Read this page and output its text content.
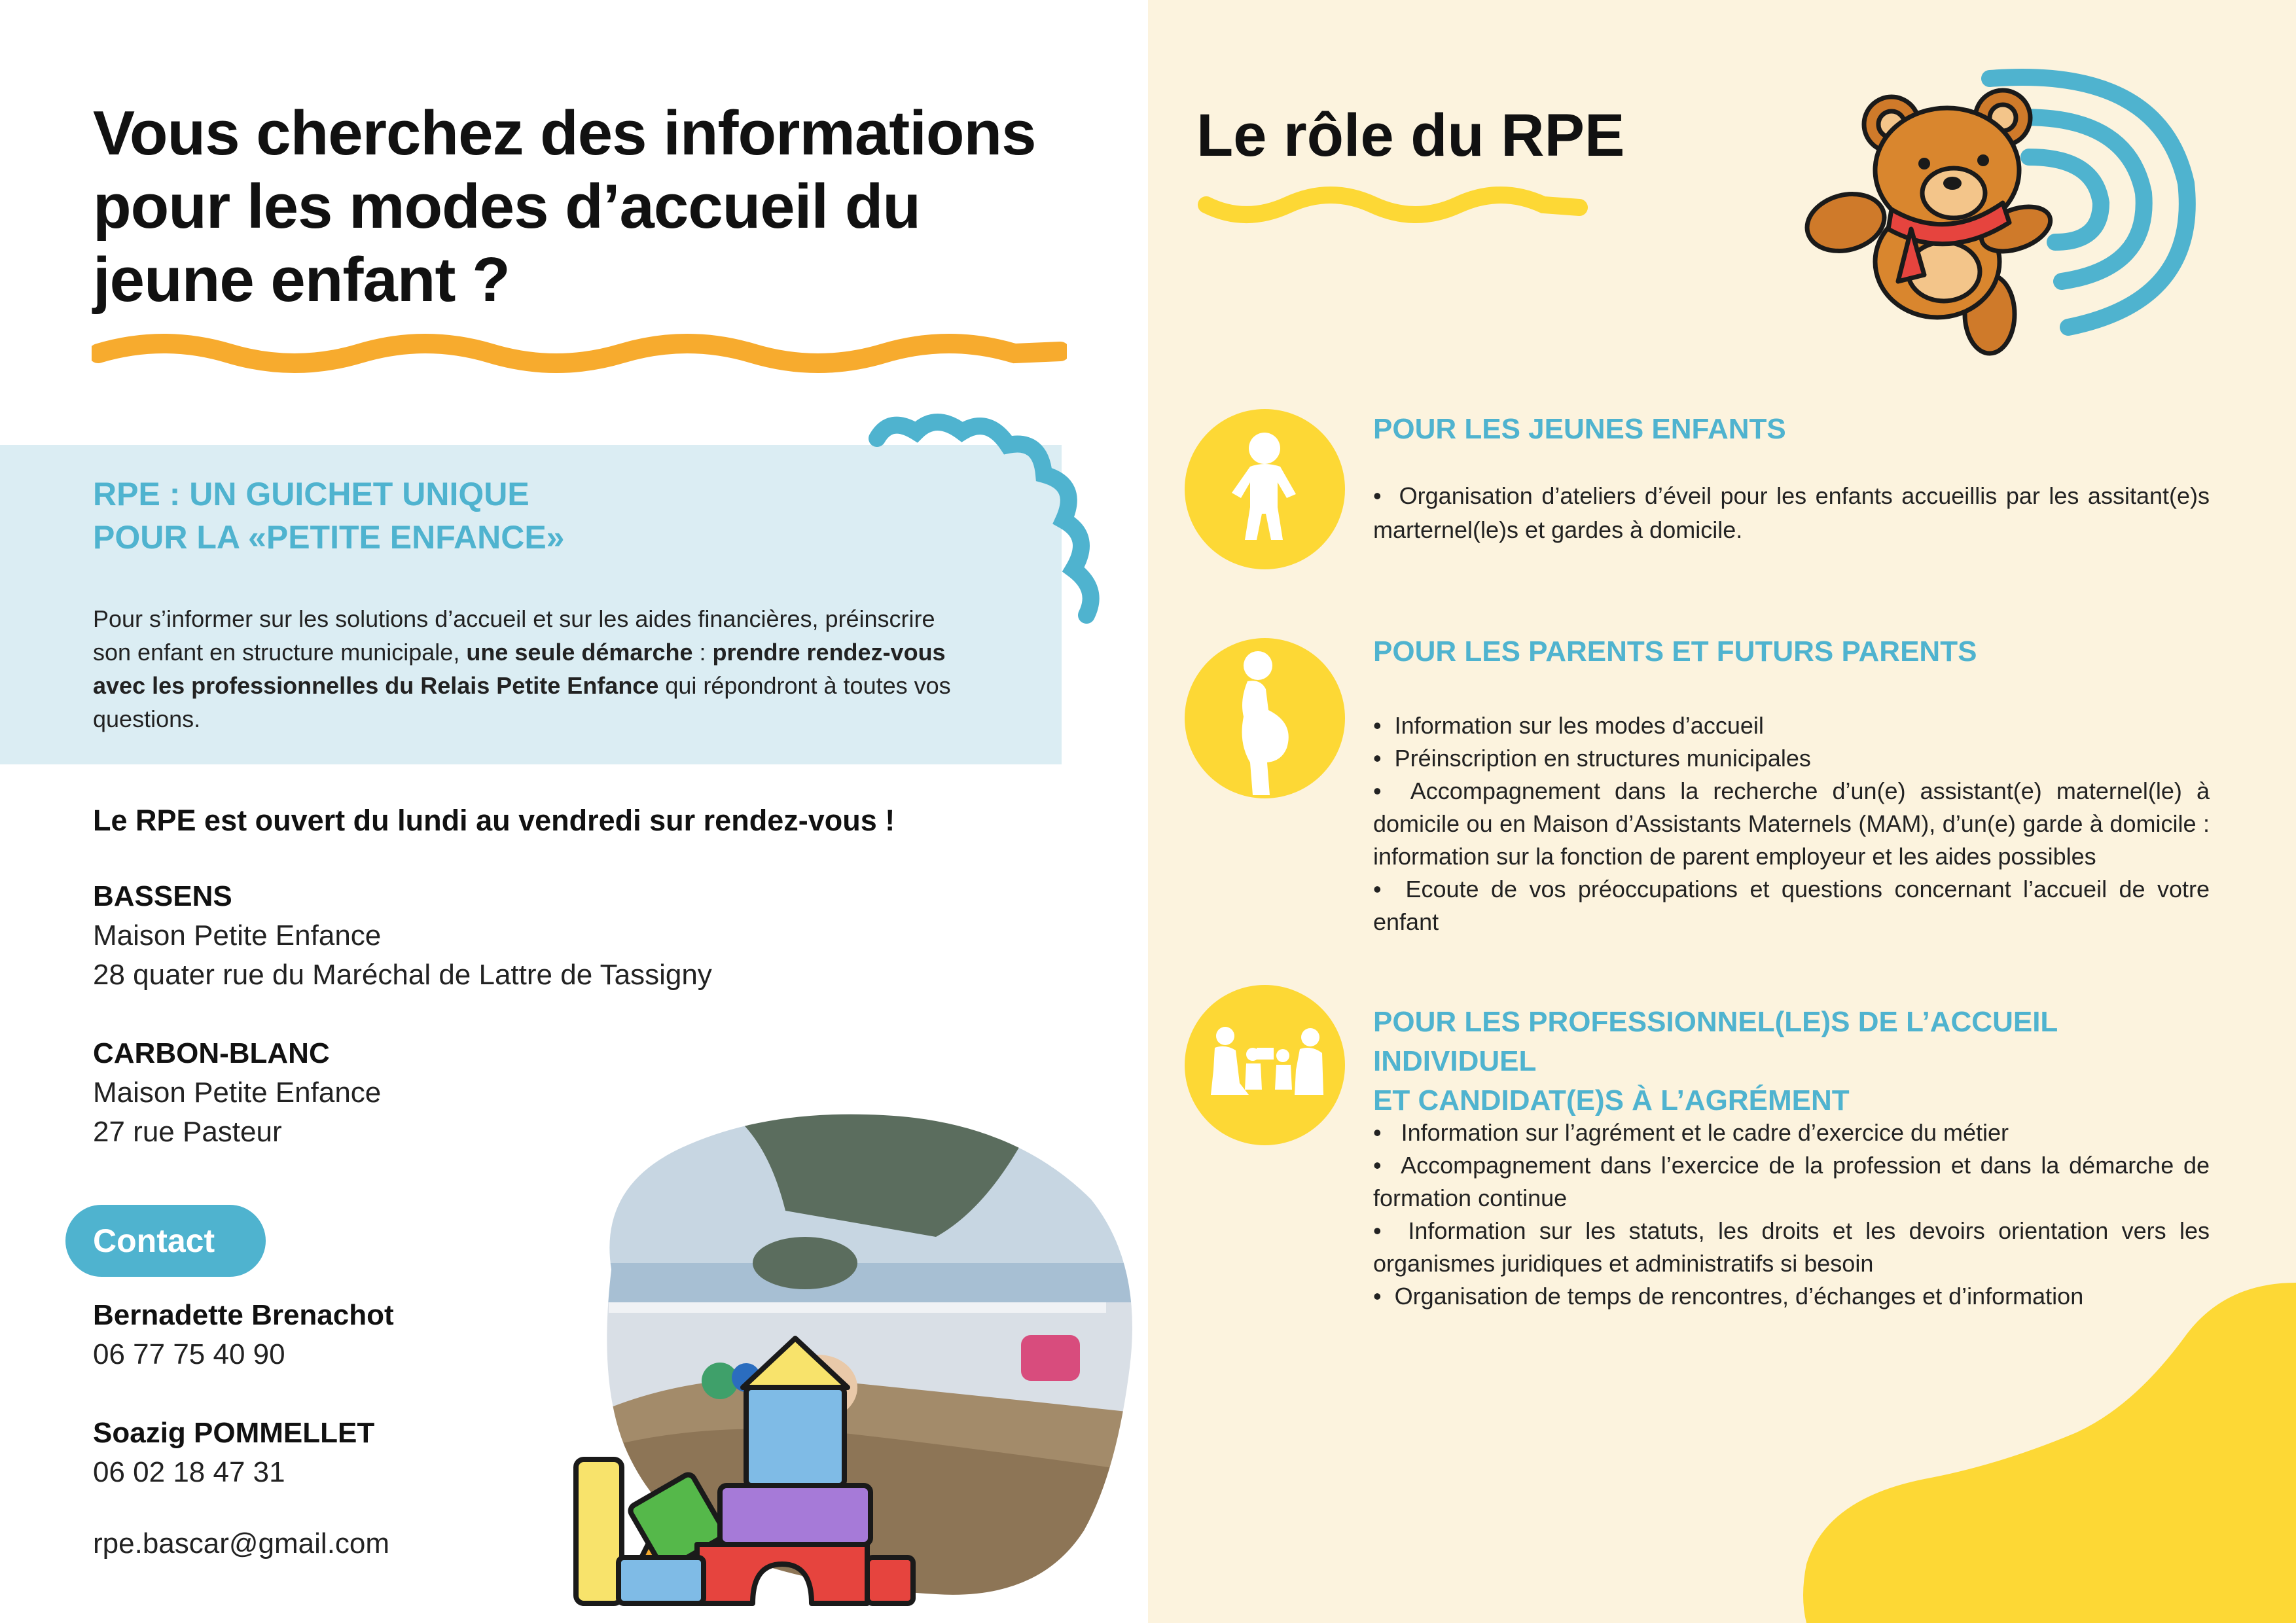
Vous cherchez des informations
pour les modes d’accueil du
jeune enfant ?
RPE : UN GUICHET UNIQUE
POUR LA «PETITE ENFANCE»
Pour s’informer sur les solutions d’accueil et sur les aides financières, préinscrire son enfant en structure municipale, une seule démarche : prendre rendez-vous avec les professionnelles du Relais Petite Enfance qui répondront à toutes vos questions.
Le RPE est ouvert du lundi au vendredi sur rendez-vous !
BASSENS
Maison Petite Enfance
28 quater rue du Maréchal de Lattre de Tassigny
CARBON-BLANC
Maison Petite Enfance
27 rue Pasteur
Contact
Bernadette Brenachot
06 77 75 40 90
Soazig POMMELLET
06 02 18 47 31
rpe.bascar@gmail.com
Le rôle du RPE
POUR LES JEUNES ENFANTS
•  Organisation d’ateliers d’éveil pour les enfants accueillis par les assitant(e)s marternel(le)s et gardes à domicile.
POUR LES PARENTS ET FUTURS PARENTS
•  Information sur les modes d’accueil
•  Préinscription en structures municipales
•  Accompagnement dans la recherche d’un(e) assistant(e) maternel(le) à domicile ou en Maison d’Assistants Maternels (MAM), d’un(e) garde à domicile : information sur la fonction de parent employeur et les aides possibles
•  Ecoute de vos préoccupations et questions concernant l’accueil de votre enfant
POUR LES PROFESSIONNEL(LE)S DE L’ACCUEIL INDIVIDUEL
ET CANDIDAT(E)S À L’AGRÉMENT
•   Information sur l’agrément et le cadre d’exercice du métier
•  Accompagnement dans l’exercice de la profession et dans la démarche de formation continue
•  Information sur les statuts, les droits et les devoirs orientation vers les organismes juridiques et administratifs si besoin
•  Organisation de temps de rencontres, d’échanges et d’information
